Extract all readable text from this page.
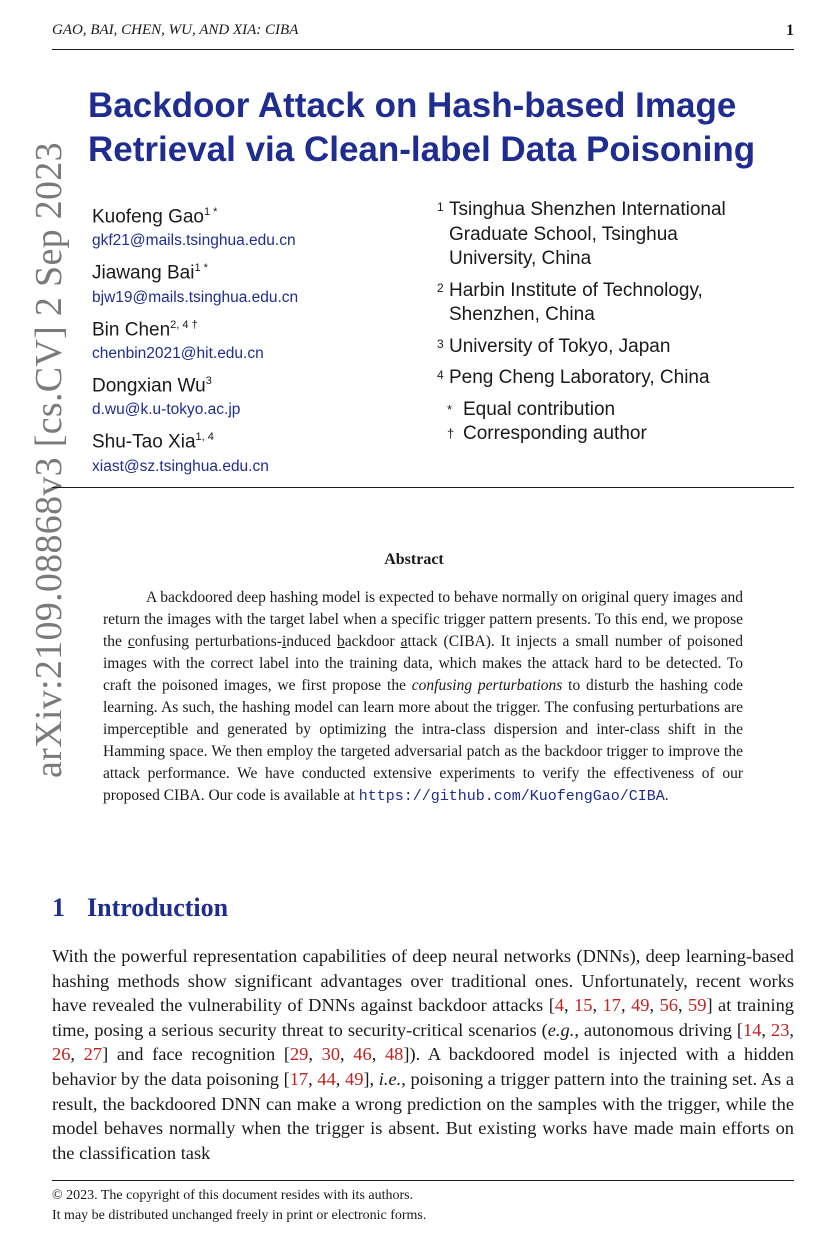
GAO, BAI, CHEN, WU, AND XIA: CIBA	1
arXiv:2109.08868v3 [cs.CV] 2 Sep 2023
Backdoor Attack on Hash-based Image
Retrieval via Clean-label Data Poisoning
Kuofeng Gao$^{1 *}$
gkf21@mails.tsinghua.edu.cn
Jiawang Bai$^{1 *}$
bjw19@mails.tsinghua.edu.cn
Bin Chen$^{2, 4 \dagger}$
chenbin2021@hit.edu.cn
Dongxian Wu$^3$
d.wu@k.u-tokyo.ac.jp
Shu-Tao Xia$^{1, 4}$
xiast@sz.tsinghua.edu.cn
1 Tsinghua Shenzhen International
Graduate School, Tsinghua
University, China
2 Harbin Institute of Technology,
Shenzhen, China
3 University of Tokyo, Japan
4 Peng Cheng Laboratory, China
* Equal contribution
† Corresponding author
Abstract
A backdoored deep hashing model is expected to behave normally on original query images and return the images with the target label when a specific trigger pattern presents. To this end, we propose the confusing perturbations-induced backdoor attack (CIBA). It injects a small number of poisoned images with the correct label into the training data, which makes the attack hard to be detected. To craft the poisoned images, we first propose the confusing perturbations to disturb the hashing code learning. As such, the hashing model can learn more about the trigger. The confusing perturbations are imperceptible and generated by optimizing the intra-class dispersion and inter-class shift in the Hamming space. We then employ the targeted adversarial patch as the backdoor trigger to improve the attack performance. We have conducted extensive experiments to verify the effectiveness of our proposed CIBA. Our code is available at https://github.com/KuofengGao/CIBA.
1 Introduction
With the powerful representation capabilities of deep neural networks (DNNs), deep learning-based hashing methods show significant advantages over traditional ones. Unfortunately, recent works have revealed the vulnerability of DNNs against backdoor attacks [4, 15, 17, 49, 56, 59] at training time, posing a serious security threat to security-critical scenarios (e.g., autonomous driving [14, 23, 26, 27] and face recognition [29, 30, 46, 48]). A backdoored model is injected with a hidden behavior by the data poisoning [17, 44, 49], i.e., poisoning a trigger pattern into the training set. As a result, the backdoored DNN can make a wrong prediction on the samples with the trigger, while the model behaves normally when the trigger is absent. But existing works have made main efforts on the classification task
© 2023. The copyright of this document resides with its authors.
It may be distributed unchanged freely in print or electronic forms.
